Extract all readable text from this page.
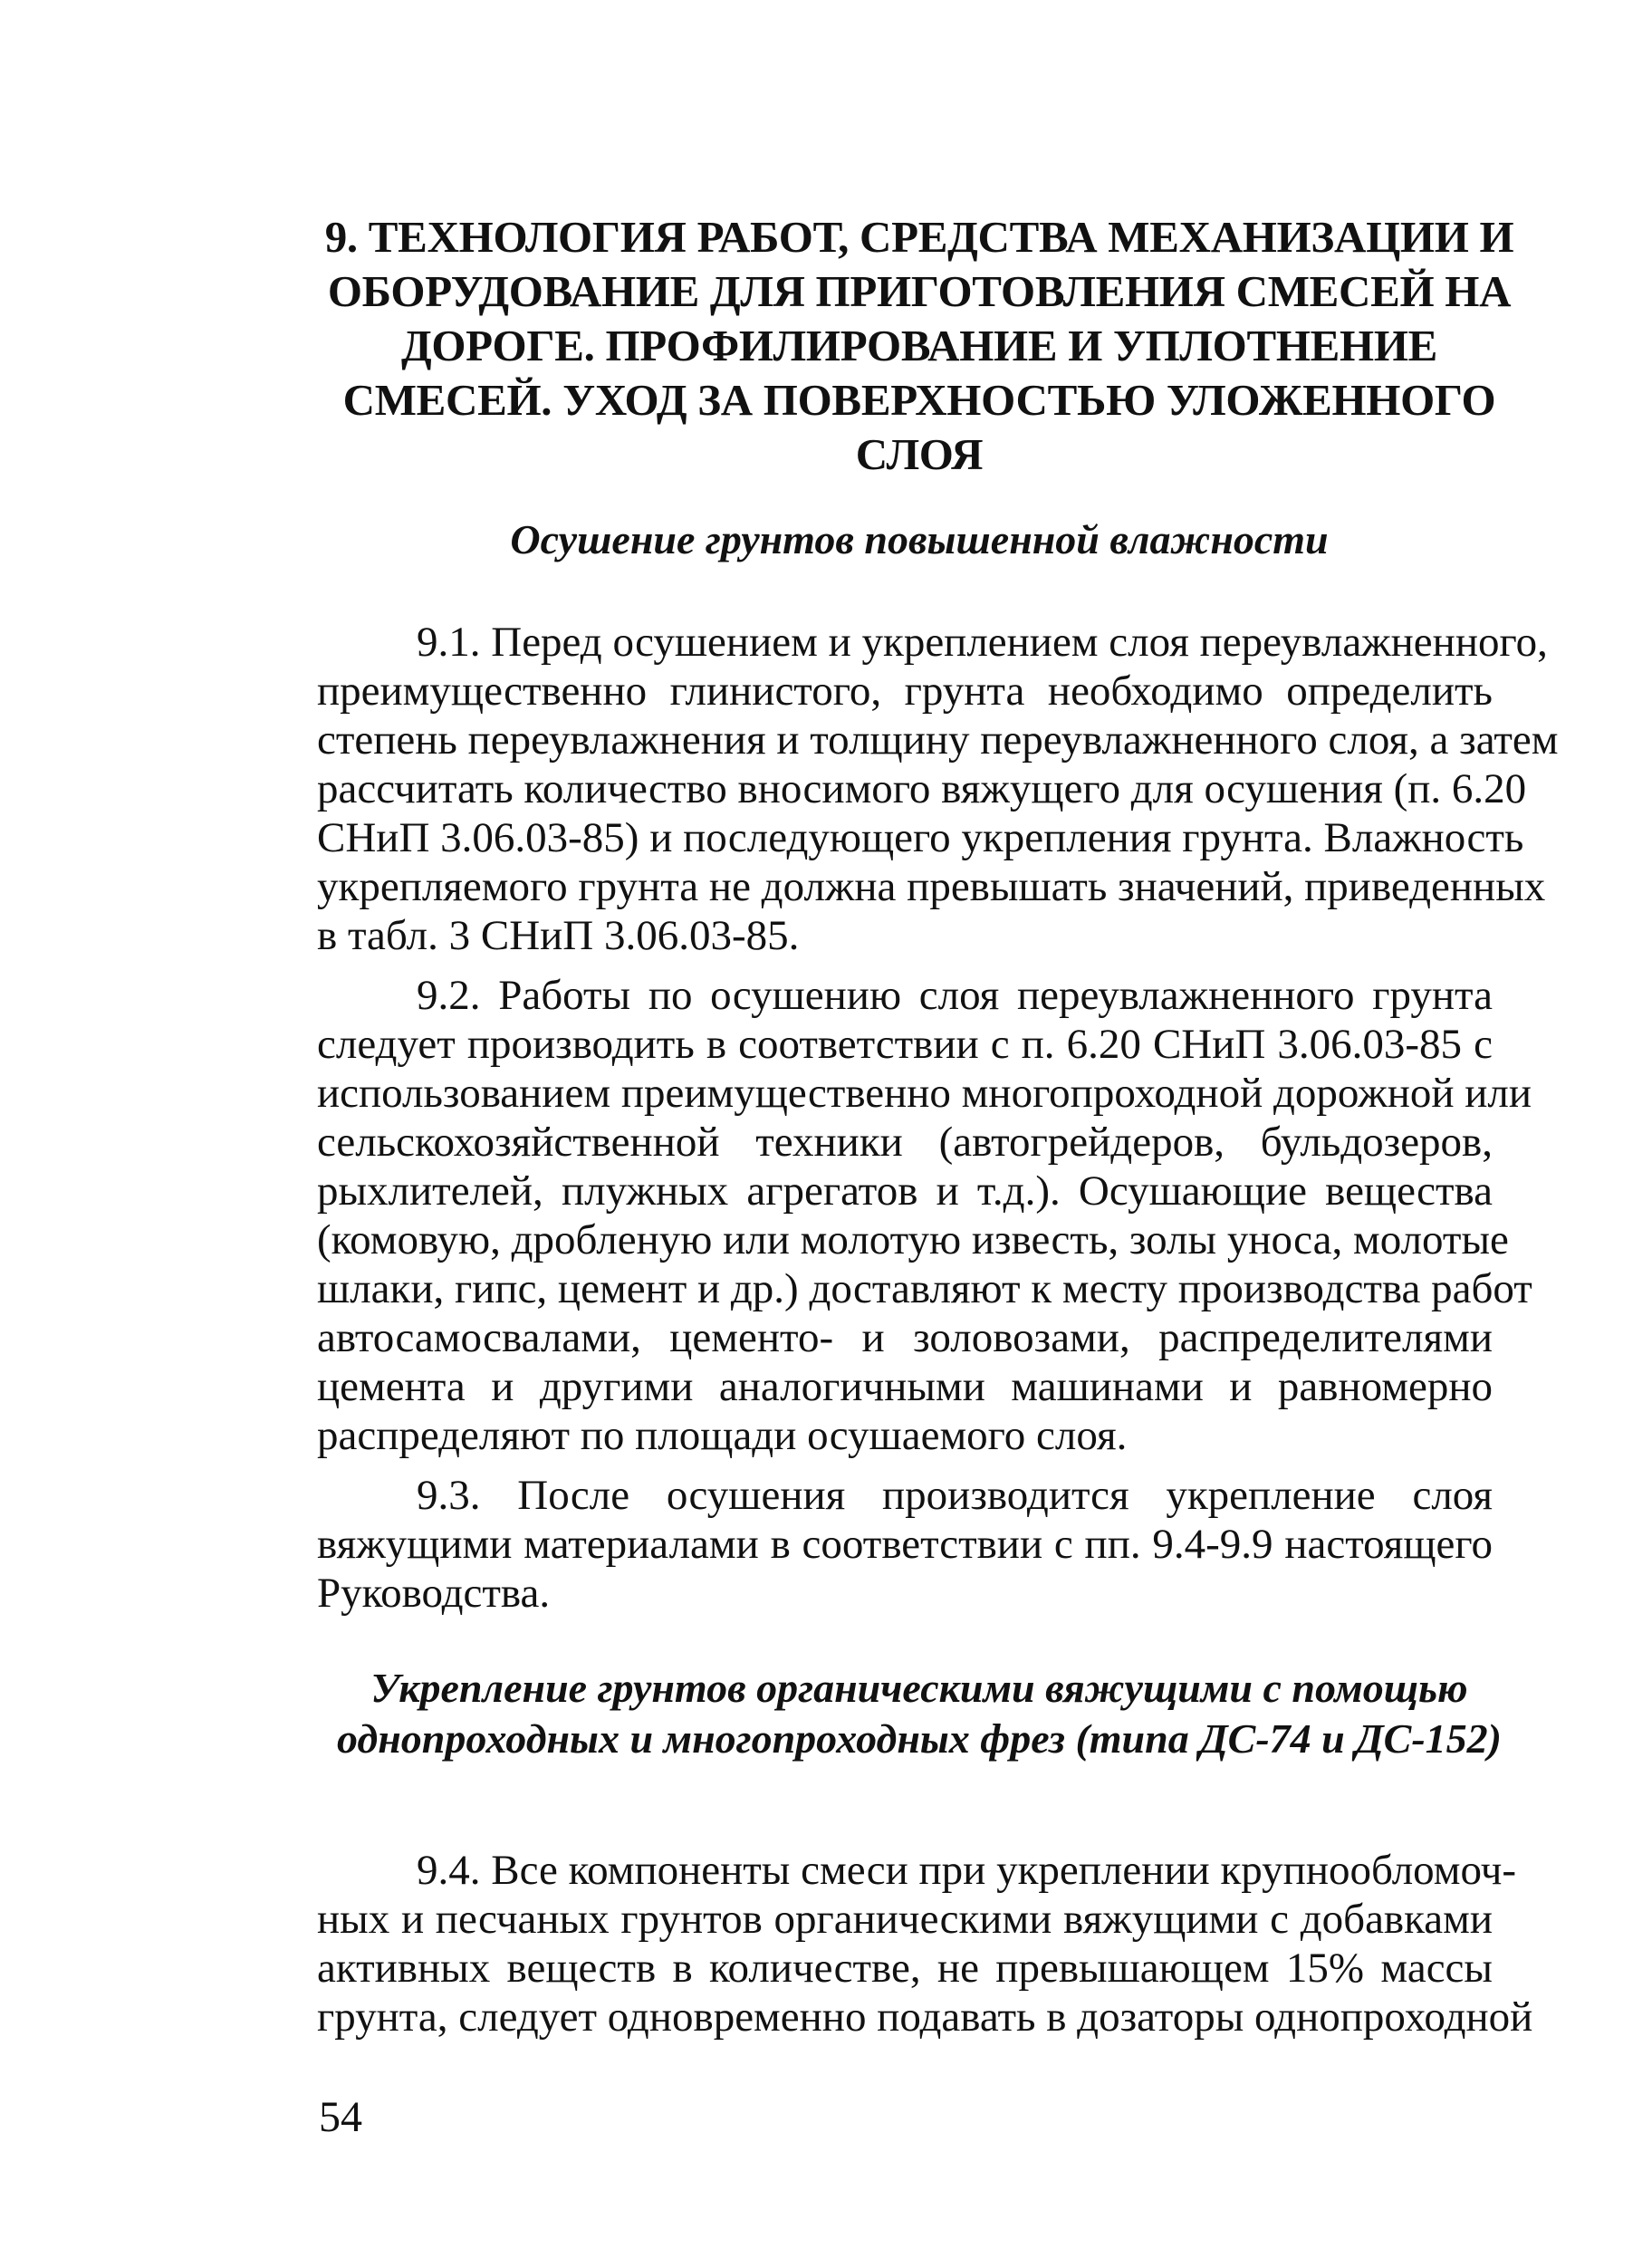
9. ТЕХНОЛОГИЯ РАБОТ, СРЕДСТВА МЕХАНИЗАЦИИ И
ОБОРУДОВАНИЕ ДЛЯ ПРИГОТОВЛЕНИЯ СМЕСЕЙ НА
ДОРОГЕ. ПРОФИЛИРОВАНИЕ И УПЛОТНЕНИЕ
СМЕСЕЙ. УХОД ЗА ПОВЕРХНОСТЬЮ УЛОЖЕННОГО
СЛОЯ
Осушение грунтов повышенной влажности

9.1. Перед осушением и укреплением слоя переувлажненного,
преимущественно глинистого, грунта необходимо определить
степень переувлажнения и толщину переувлажненного слоя, а затем
рассчитать количество вносимого вяжущего для осушения (п. 6.20
СНиП 3.06.03-85) и последующего укрепления грунта. Влажность
укрепляемого грунта не должна превышать значений, приведенных
в табл. 3 СНиП 3.06.03-85.

9.2. Работы по осушению слоя переувлажненного грунта
следует производить в соответствии с п. 6.20 СНиП 3.06.03-85 с
использованием преимущественно многопроходной дорожной или
сельскохозяйственной техники (автогрейдеров, бульдозеров,
рыхлителей, плужных агрегатов и т.д.). Осушающие вещества
(комовую, дробленую или молотую известь, золы уноса, молотые
шлаки, гипс, цемент и др.) доставляют к месту производства работ
автосамосвалами, цементо- и золовозами, распределителями
цемента и другими аналогичными машинами и равномерно
распределяют по площади осушаемого слоя.

9.3. После осушения производится укрепление слоя
вяжущими материалами в соответствии с пп. 9.4-9.9 настоящего
Руководства.

Укрепление грунтов органическими вяжущими с помощью
однопроходных и многопроходных фрез (типа ДС-74 и ДС-152)

9.4. Все компоненты смеси при укреплении крупнообломоч-
ных и песчаных грунтов органическими вяжущими с добавками
активных веществ в количестве, не превышающем 15% массы
грунта, следует одновременно подавать в дозаторы однопроходной

54
